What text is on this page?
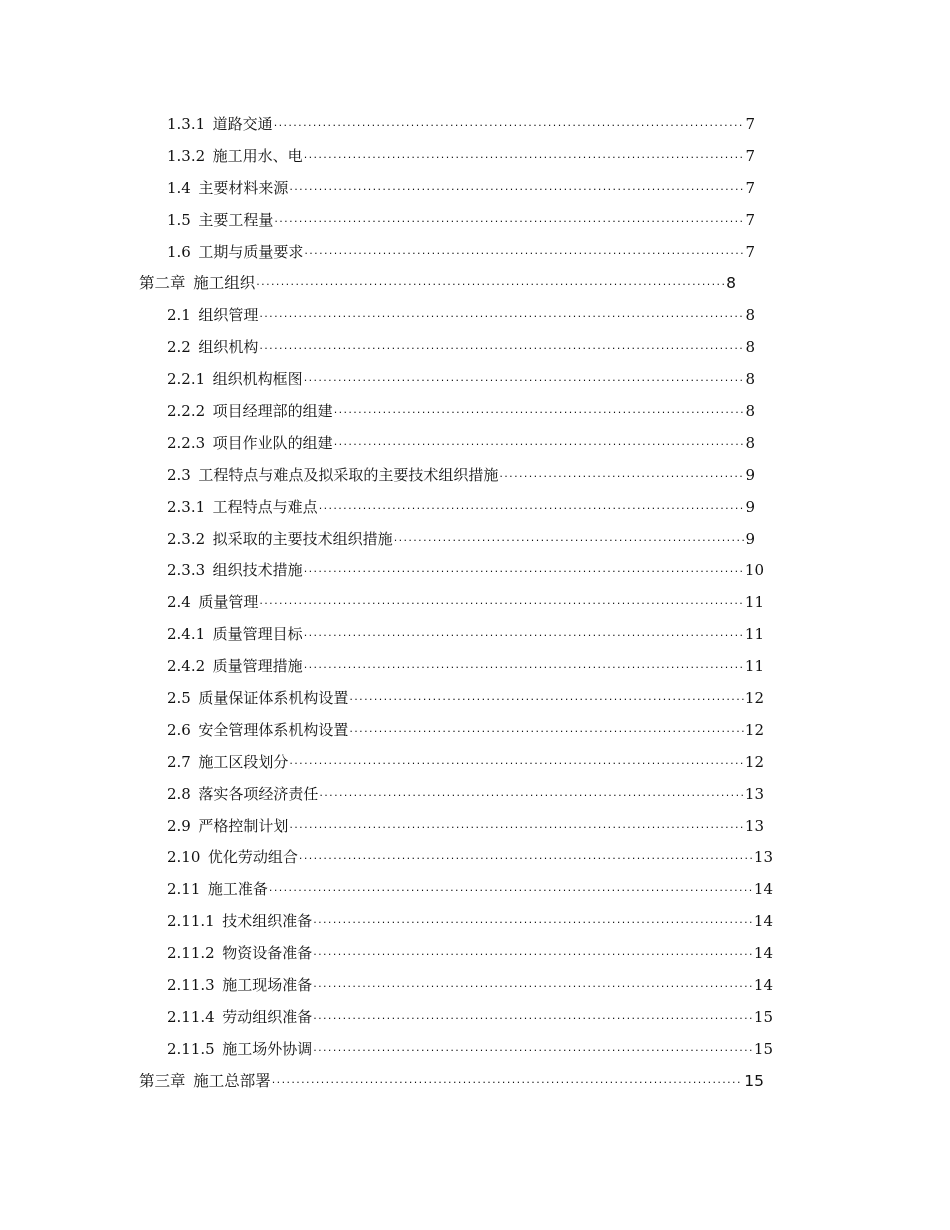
1.3.1 道路交通 ·····	7
1.3.2 施工用水、电 ·····	7
1.4 主要材料来源 ·····	7
1.5 主要工程量 ·····	7
1.6 工期与质量要求 ·····	7
第二章 施工组织 ·····	8
2.1 组织管理 ·····	8
2.2 组织机构 ·····	8
2.2.1 组织机构框图 ·····	8
2.2.2 项目经理部的组建 ·····	8
2.2.3 项目作业队的组建 ·····	8
2.3 工程特点与难点及拟采取的主要技术组织措施 ·····	9
2.3.1 工程特点与难点 ·····	9
2.3.2 拟采取的主要技术组织措施 ·····	9
2.3.3 组织技术措施 ·····	10
2.4 质量管理 ·····	11
2.4.1 质量管理目标 ·····	11
2.4.2 质量管理措施 ·····	11
2.5 质量保证体系机构设置 ·····	12
2.6 安全管理体系机构设置 ·····	12
2.7 施工区段划分 ·····	12
2.8 落实各项经济责任 ·····	13
2.9 严格控制计划 ·····	13
2.10 优化劳动组合 ·····	13
2.11 施工准备 ·····	14
2.11.1 技术组织准备 ·····	14
2.11.2 物资设备准备 ·····	14
2.11.3 施工现场准备 ·····	14
2.11.4 劳动组织准备 ·····	15
2.11.5 施工场外协调 ·····	15
第三章 施工总部署 ·····	15
